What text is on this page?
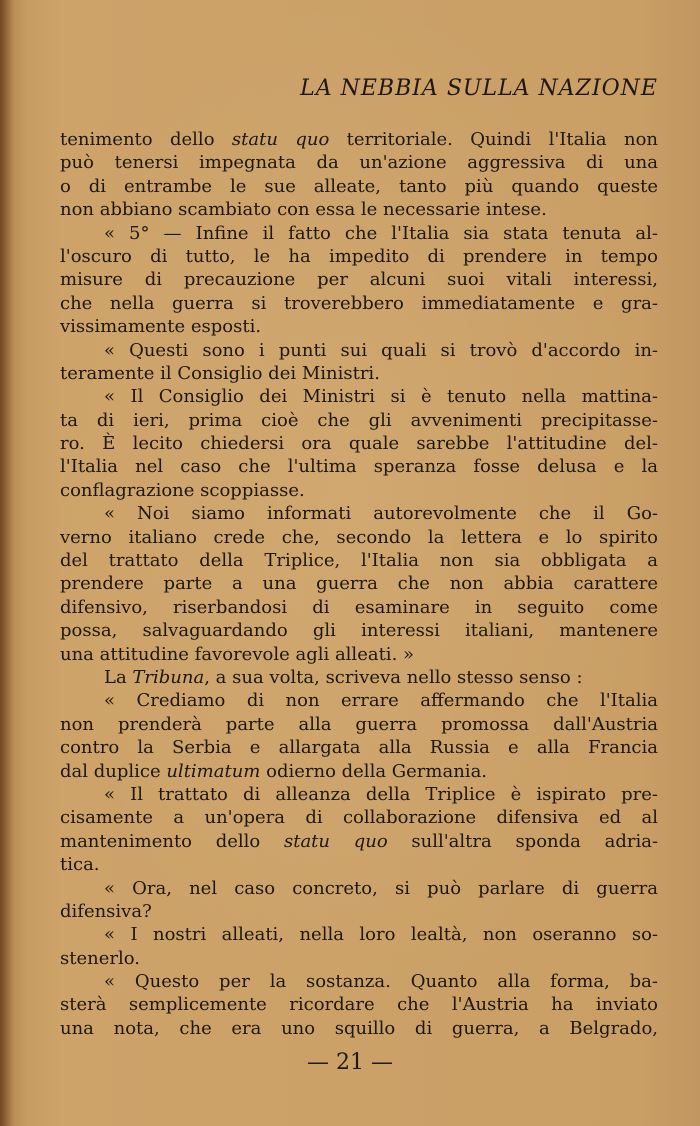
LA NEBBIA SULLA NAZIONE
tenimento dello statu quo territoriale. Quindi l'Italia non
può tenersi impegnata da un'azione aggressiva di una
o di entrambe le sue alleate, tanto più quando queste
non abbiano scambiato con essa le necessarie intese.
« 5° — Infine il fatto che l'Italia sia stata tenuta al-
l'oscuro di tutto, le ha impedito di prendere in tempo
misure di precauzione per alcuni suoi vitali interessi,
che nella guerra si troverebbero immediatamente e gra-
vissimamente esposti.
« Questi sono i punti sui quali si trovò d'accordo in-
teramente il Consiglio dei Ministri.
« Il Consiglio dei Ministri si è tenuto nella mattina-
ta di ieri, prima cioè che gli avvenimenti precipitasse-
ro. È lecito chiedersi ora quale sarebbe l'attitudine del-
l'Italia nel caso che l'ultima speranza fosse delusa e la
conflagrazione scoppiasse.
« Noi siamo informati autorevolmente che il Go-
verno italiano crede che, secondo la lettera e lo spirito
del trattato della Triplice, l'Italia non sia obbligata a
prendere parte a una guerra che non abbia carattere
difensivo, riserbandosi di esaminare in seguito come
possa, salvaguardando gli interessi italiani, mantenere
una attitudine favorevole agli alleati. »
La Tribuna, a sua volta, scriveva nello stesso senso :
« Crediamo di non errare affermando che l'Italia
non prenderà parte alla guerra promossa dall'Austria
contro la Serbia e allargata alla Russia e alla Francia
dal duplice ultimatum odierno della Germania.
« Il trattato di alleanza della Triplice è ispirato pre-
cisamente a un'opera di collaborazione difensiva ed al
mantenimento dello statu quo sull'altra sponda adria-
tica.
« Ora, nel caso concreto, si può parlare di guerra
difensiva?
« I nostri alleati, nella loro lealtà, non oseranno so-
stenerlo.
« Questo per la sostanza. Quanto alla forma, ba-
sterà semplicemente ricordare che l'Austria ha inviato
una nota, che era uno squillo di guerra, a Belgrado,
— 21 —
